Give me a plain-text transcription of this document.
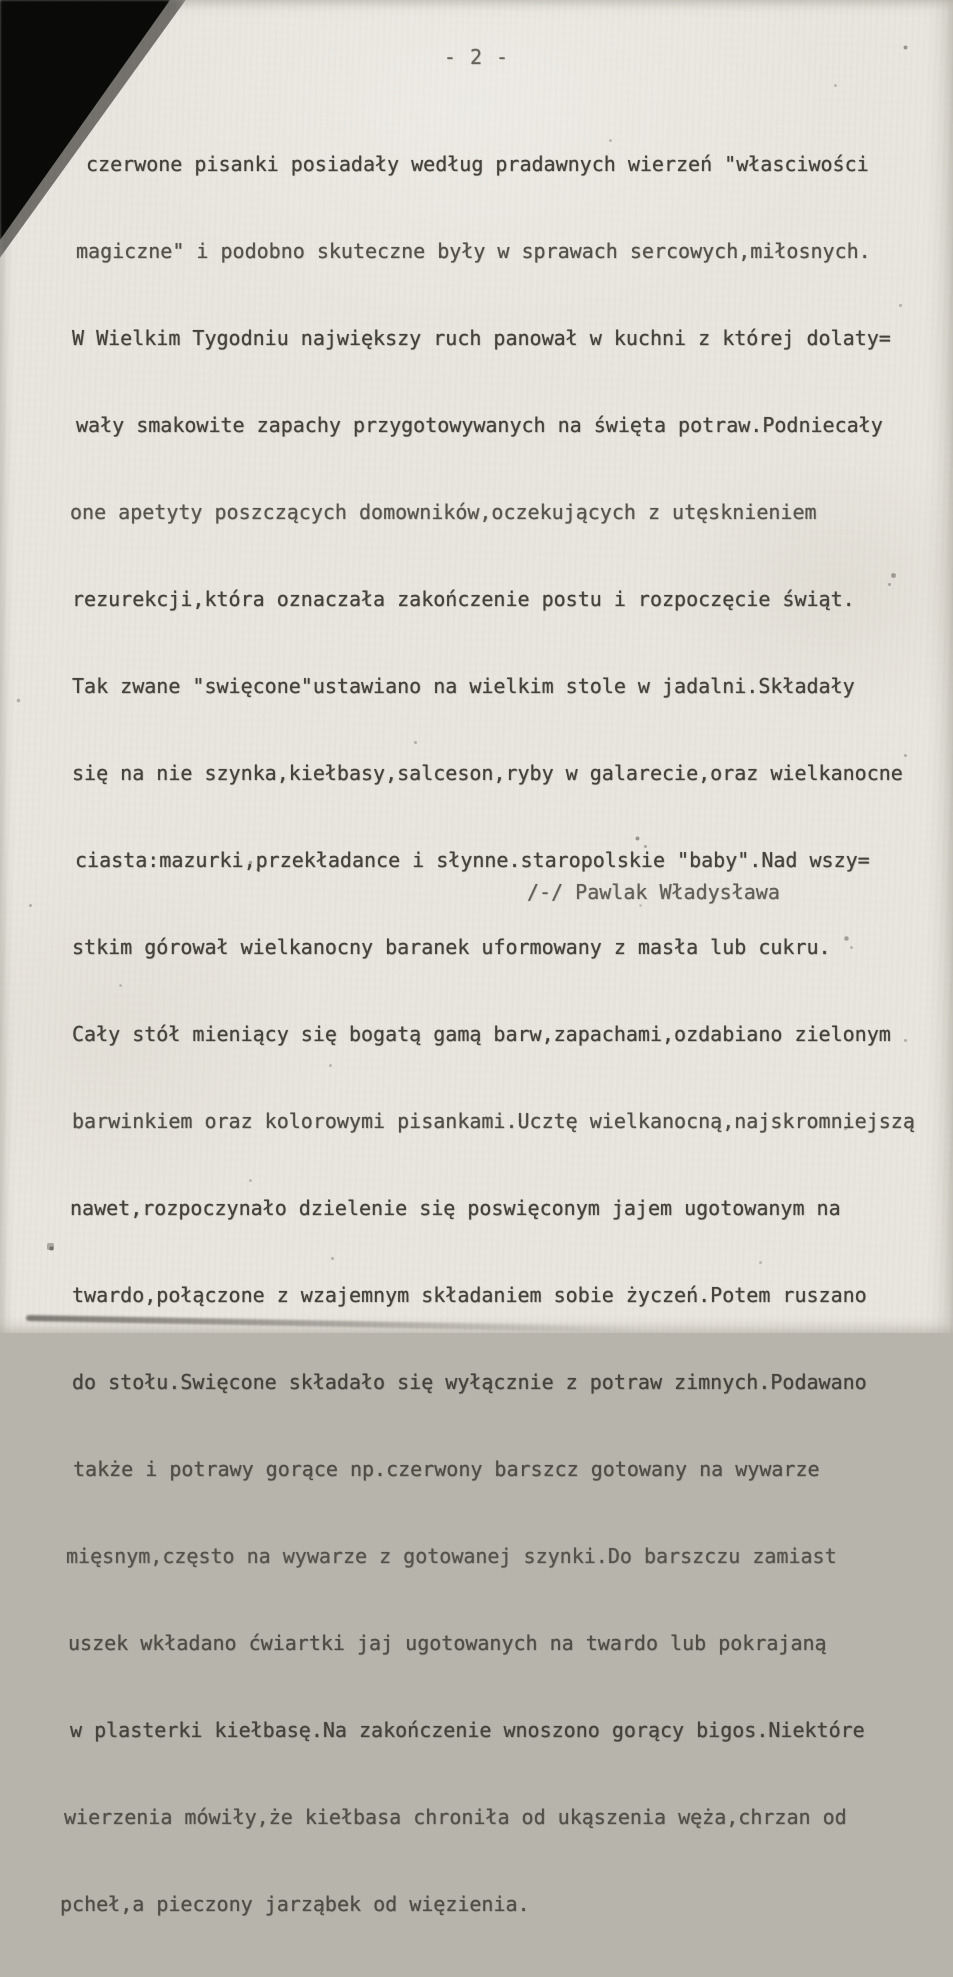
- 2 -

czerwone pisanki posiadały według pradawnych wierzeń "własciwości

magiczne" i podobno skuteczne były w sprawach sercowych,miłosnych.

W Wielkim Tygodniu największy ruch panował w kuchni z której dolaty=

wały smakowite zapachy przygotowywanych na święta potraw.Podniecały

one apetyty poszczących domowników,oczekujących z utęsknieniem

rezurekcji,która oznaczała zakończenie postu i rozpoczęcie świąt.

Tak zwane "swięcone"ustawiano na wielkim stole w jadalni.Składały

się na nie szynka,kiełbasy,salceson,ryby w galarecie,oraz wielkanocne

ciasta:mazurki,przekładance i słynne.staropolskie "baby".Nad wszy=

stkim górował wielkanocny baranek uformowany z masła lub cukru.

Cały stół mieniący się bogatą gamą barw,zapachami,ozdabiano zielonym

barwinkiem oraz kolorowymi pisankami.Ucztę wielkanocną,najskromniejszą

nawet,rozpoczynało dzielenie się poswięconym jajem ugotowanym na

twardo,połączone z wzajemnym składaniem sobie życzeń.Potem ruszano

do stołu.Swięcone składało się wyłącznie z potraw zimnych.Podawano

także i potrawy gorące np.czerwony barszcz gotowany na wywarze

mięsnym,często na wywarze z gotowanej szynki.Do barszczu zamiast

uszek wkładano ćwiartki jaj ugotowanych na twardo lub pokrajaną

w plasterki kiełbasę.Na zakończenie wnoszono gorący bigos.Niektóre

wierzenia mówiły,że kiełbasa chroniła od ukąszenia węża,chrzan od

pcheł,a pieczony jarząbek od więzienia.

/-/ Pawlak Władysława
